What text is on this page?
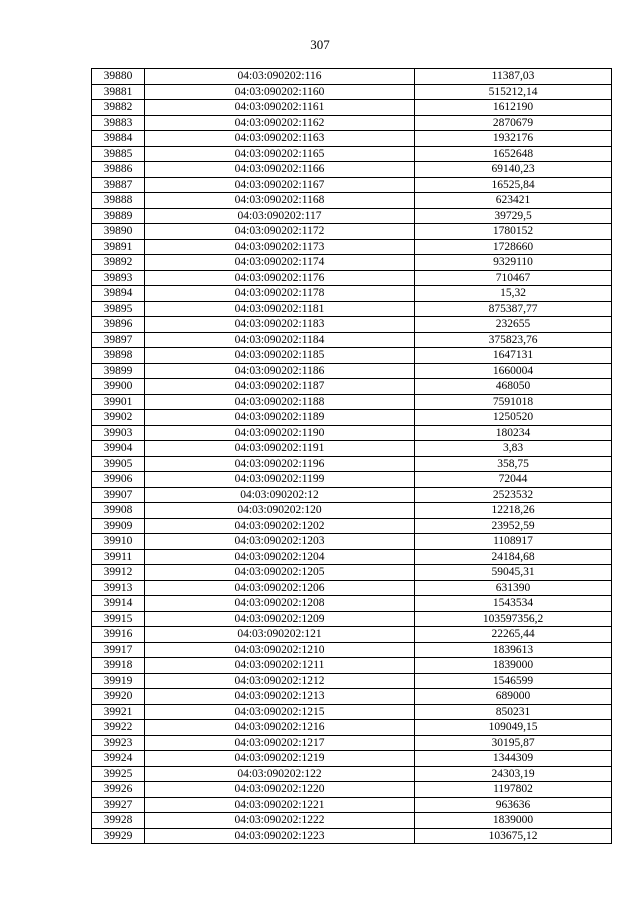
307
39880	04:03:090202:116	11387,03
39881	04:03:090202:1160	515212,14
39882	04:03:090202:1161	1612190
39883	04:03:090202:1162	2870679
39884	04:03:090202:1163	1932176
39885	04:03:090202:1165	1652648
39886	04:03:090202:1166	69140,23
39887	04:03:090202:1167	16525,84
39888	04:03:090202:1168	623421
39889	04:03:090202:117	39729,5
39890	04:03:090202:1172	1780152
39891	04:03:090202:1173	1728660
39892	04:03:090202:1174	9329110
39893	04:03:090202:1176	710467
39894	04:03:090202:1178	15,32
39895	04:03:090202:1181	875387,77
39896	04:03:090202:1183	232655
39897	04:03:090202:1184	375823,76
39898	04:03:090202:1185	1647131
39899	04:03:090202:1186	1660004
39900	04:03:090202:1187	468050
39901	04:03:090202:1188	7591018
39902	04:03:090202:1189	1250520
39903	04:03:090202:1190	180234
39904	04:03:090202:1191	3,83
39905	04:03:090202:1196	358,75
39906	04:03:090202:1199	72044
39907	04:03:090202:12	2523532
39908	04:03:090202:120	12218,26
39909	04:03:090202:1202	23952,59
39910	04:03:090202:1203	1108917
39911	04:03:090202:1204	24184,68
39912	04:03:090202:1205	59045,31
39913	04:03:090202:1206	631390
39914	04:03:090202:1208	1543534
39915	04:03:090202:1209	103597356,2
39916	04:03:090202:121	22265,44
39917	04:03:090202:1210	1839613
39918	04:03:090202:1211	1839000
39919	04:03:090202:1212	1546599
39920	04:03:090202:1213	689000
39921	04:03:090202:1215	850231
39922	04:03:090202:1216	109049,15
39923	04:03:090202:1217	30195,87
39924	04:03:090202:1219	1344309
39925	04:03:090202:122	24303,19
39926	04:03:090202:1220	1197802
39927	04:03:090202:1221	963636
39928	04:03:090202:1222	1839000
39929	04:03:090202:1223	103675,12
